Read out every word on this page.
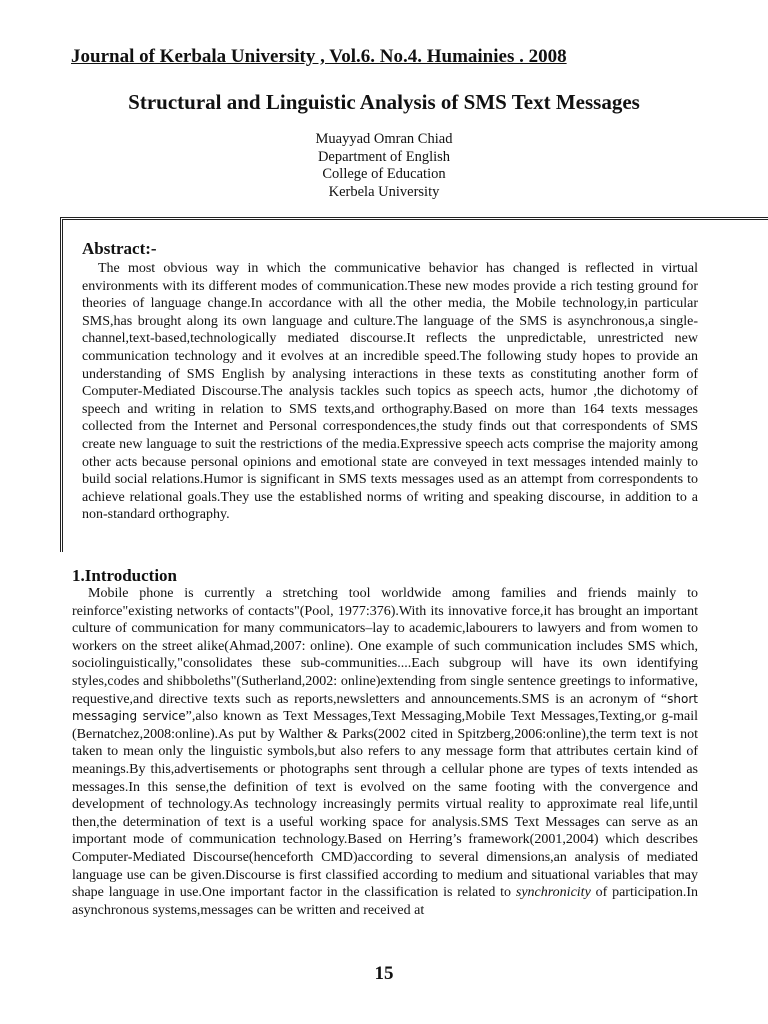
Journal of Kerbala University , Vol.6. No.4. Humainies . 2008
Structural and Linguistic Analysis of SMS Text Messages
Muayyad Omran Chiad
Department of English
College of Education
Kerbela University
Abstract:-

The most obvious way in which the communicative behavior has changed is reflected in virtual environments with its different modes of communication.These new modes provide a rich testing ground for theories of language change.In accordance with all the other media, the Mobile technology,in particular SMS,has brought along its own language and culture.The language of the SMS is asynchronous,a single-channel,text-based,technologically mediated discourse.It reflects the unpredictable, unrestricted new communication technology and it evolves at an incredible speed.The following study hopes to provide an understanding of SMS English by analysing interactions in these texts as constituting another form of Computer-Mediated Discourse.The analysis tackles such topics as speech acts, humor ,the dichotomy of speech and writing in relation to SMS texts,and orthography.Based on more than 164 texts messages collected from the Internet and Personal correspondences,the study finds out that correspondents of SMS create new language to suit the restrictions of the media.Expressive speech acts comprise the majority among other acts because personal opinions and emotional state are conveyed in text messages intended mainly to build social relations.Humor is significant in SMS texts messages used as an attempt from correspondents to achieve relational goals.They use the established norms of writing and speaking discourse, in addition to a non-standard orthography.

1.Introduction

Mobile phone is currently a stretching tool worldwide among families and friends mainly to reinforce"existing networks of contacts"(Pool, 1977:376).With its innovative force,it has brought an important culture of communication for many communicators–lay to academic,labourers to lawyers and from women to workers on the street alike(Ahmad,2007: online). One example of such communication includes SMS which, sociolinguistically,"consolidates these sub-communities....Each subgroup will have its own identifying styles,codes and shibboleths"(Sutherland,2002: online)extending from single sentence greetings to informative, requestive,and directive texts such as reports,newsletters and announcements.SMS is an acronym of “short messaging service”,also known as Text Messages,Text Messaging,Mobile Text Messages,Texting,or g-mail (Bernatchez,2008:online).As put by Walther & Parks(2002 cited in Spitzberg,2006:online),the term text is not taken to mean only the linguistic symbols,but also refers to any message form that attributes certain kind of meanings.By this,advertisements or photographs sent through a cellular phone are types of texts intended as messages.In this sense,the definition of text is evolved on the same footing with the convergence and development of technology.As technology increasingly permits virtual reality to approximate real life,until then,the determination of text is a useful working space for analysis.SMS Text Messages can serve as an important mode of communication technology.Based on Herring’s framework(2001,2004) which describes Computer-Mediated Discourse(henceforth CMD)according to several dimensions,an analysis of mediated language use can be given.Discourse is first classified according to medium and situational variables that may shape language in use.One important factor in the classification is related to synchronicity of participation.In asynchronous systems,messages can be written and received at

15
